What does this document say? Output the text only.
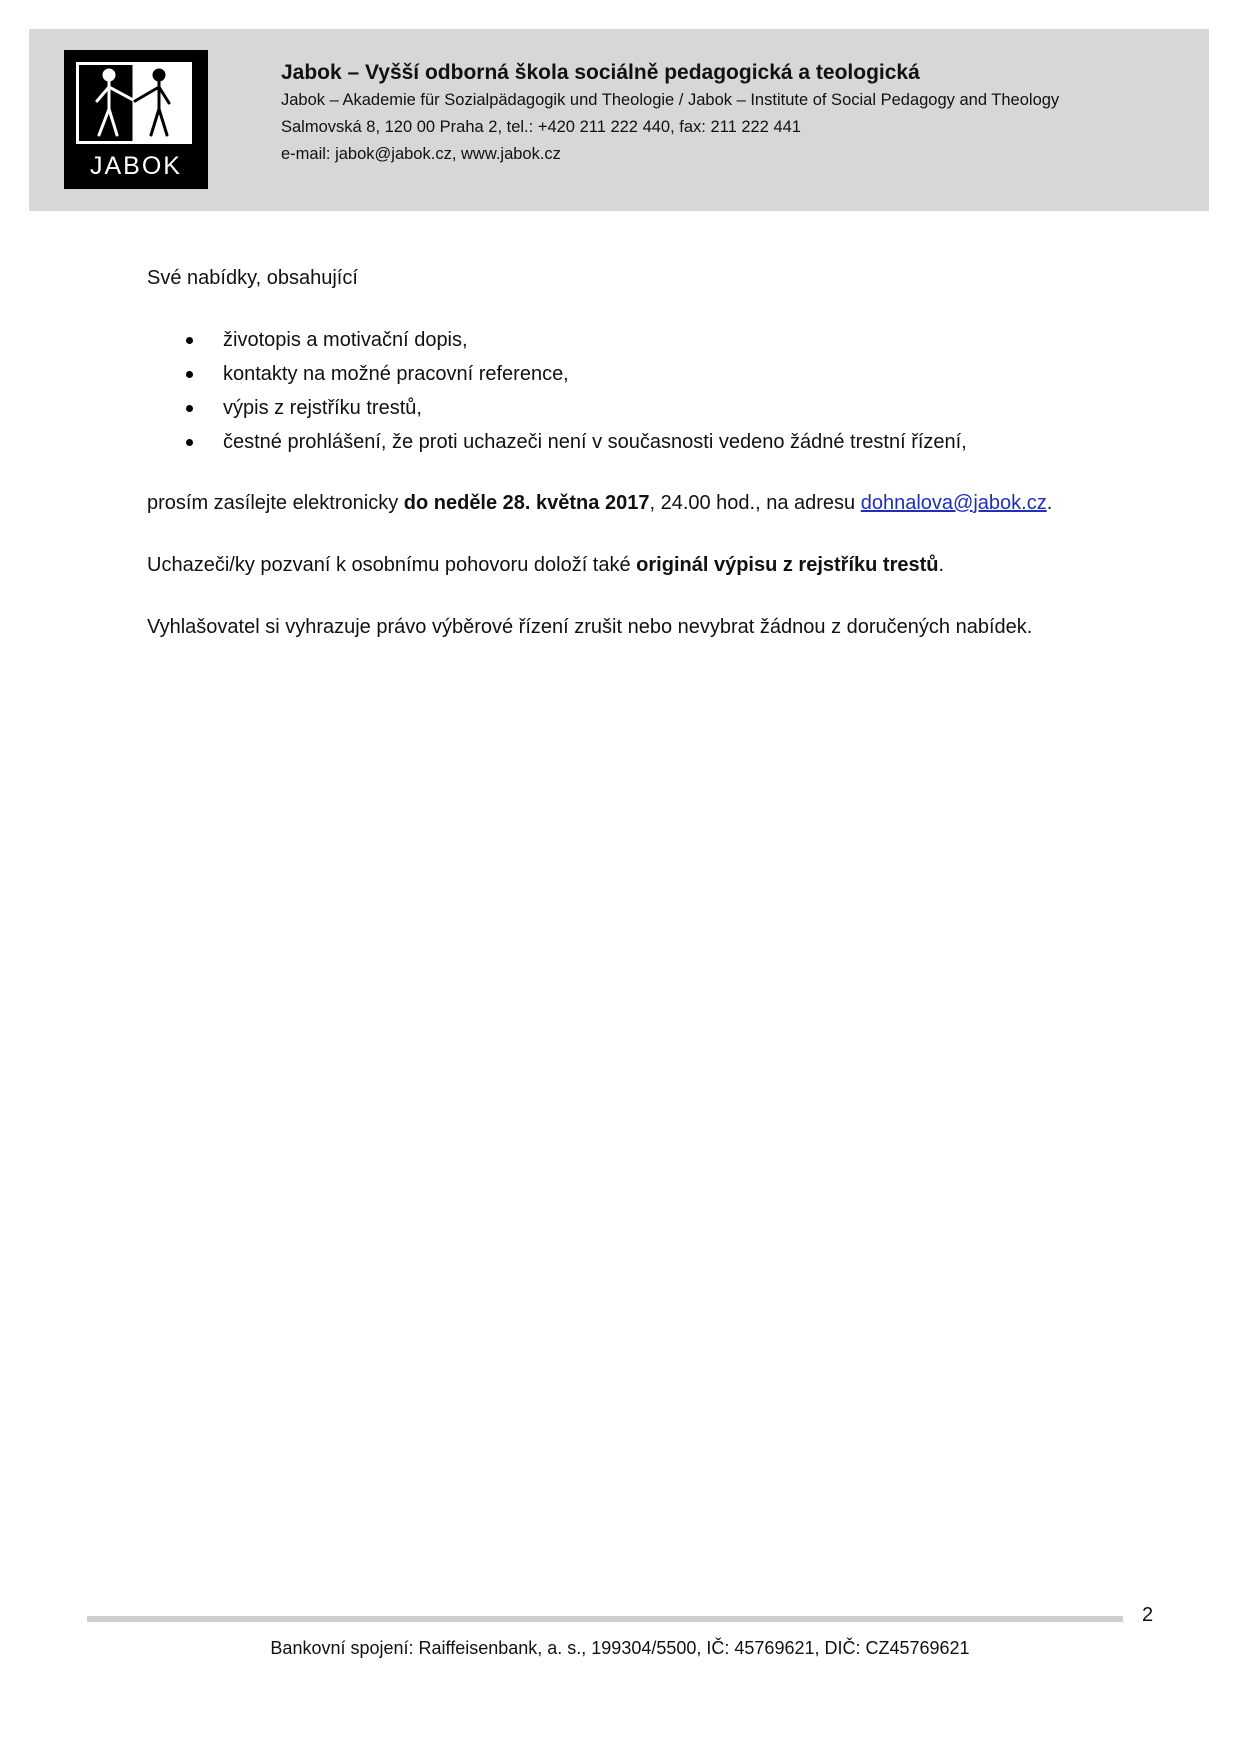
JABOK
Jabok – Vyšší odborná škola sociálně pedagogická a teologická
Jabok – Akademie für Sozialpädagogik und Theologie / Jabok – Institute of Social Pedagogy and Theology
Salmovská 8, 120 00 Praha 2, tel.: +420 211 222 440, fax: 211 222 441
e-mail: jabok@jabok.cz, www.jabok.cz

Své nabídky, obsahující

životopis a motivační dopis,
kontakty na možné pracovní reference,
výpis z rejstříku trestů,
čestné prohlášení, že proti uchazeči není v současnosti vedeno žádné trestní řízení,

prosím zasílejte elektronicky do neděle 28. května 2017, 24.00 hod., na adresu dohnalova@jabok.cz.

Uchazeči/ky pozvaní k osobnímu pohovoru doloží také originál výpisu z rejstříku trestů.

Vyhlašovatel si vyhrazuje právo výběrové řízení zrušit nebo nevybrat žádnou z doručených nabídek.

2
Bankovní spojení: Raiffeisenbank, a. s., 199304/5500, IČ: 45769621, DIČ: CZ45769621
